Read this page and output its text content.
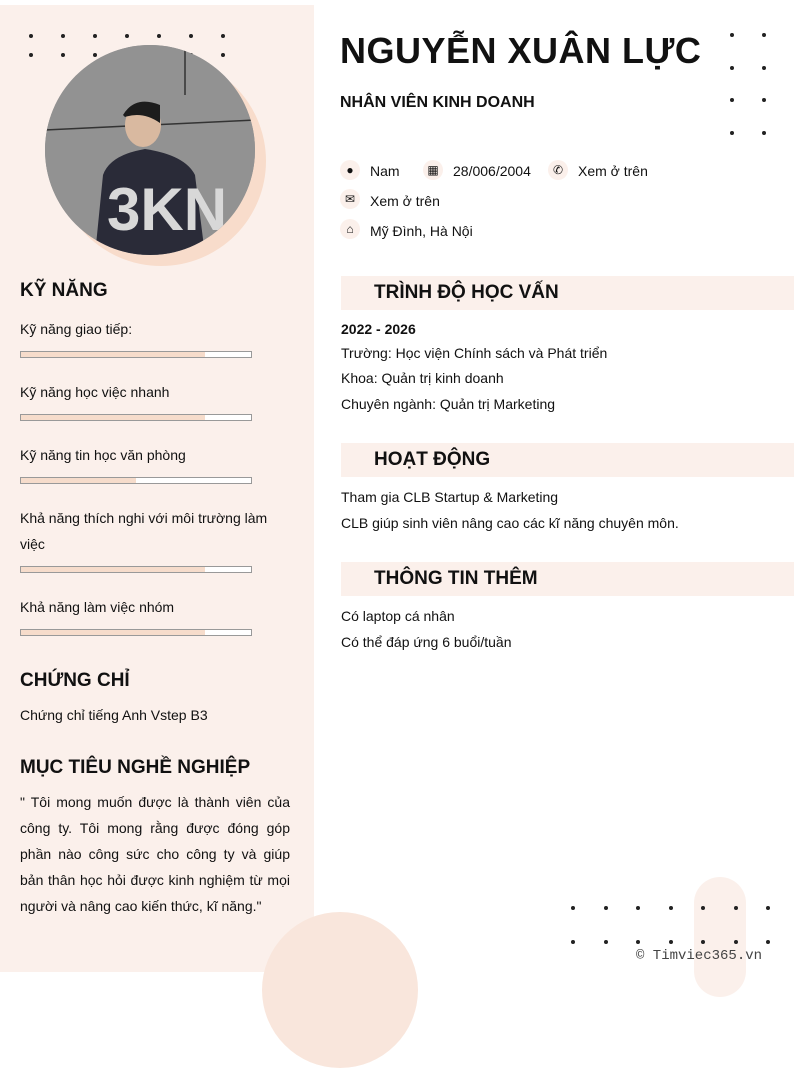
3KN
KỸ NĂNG
Kỹ năng giao tiếp:
Kỹ năng học việc nhanh
Kỹ năng tin học văn phòng
Khả năng thích nghi với môi trường làm việc
Khả năng làm việc nhóm
CHỨNG CHỈ
Chứng chỉ tiếng Anh Vstep B3
MỤC TIÊU NGHỀ NGHIỆP
" Tôi mong muốn được là thành viên của công ty. Tôi mong rằng được đóng góp phần nào công sức cho công ty và giúp bản thân học hỏi được kinh nghiệm từ mọi người và nâng cao kiến thức, kĩ năng."
NGUYỄN XUÂN LỰC
NHÂN VIÊN KINH DOANH
●	Nam	▦	28/006/2004	✆	Xem ở trên
✉	Xem ở trên
⌂	Mỹ Đình, Hà Nội
TRÌNH ĐỘ HỌC VẤN
2022 - 2026
Trường: Học viện Chính sách và Phát triển
Khoa: Quản trị kinh doanh
Chuyên ngành: Quản trị Marketing
HOẠT ĐỘNG
Tham gia CLB Startup & Marketing
CLB giúp sinh viên nâng cao các kĩ năng chuyên môn.
THÔNG TIN THÊM
Có laptop cá nhân
Có thể đáp ứng 6 buổi/tuần
© Timviec365.vn
